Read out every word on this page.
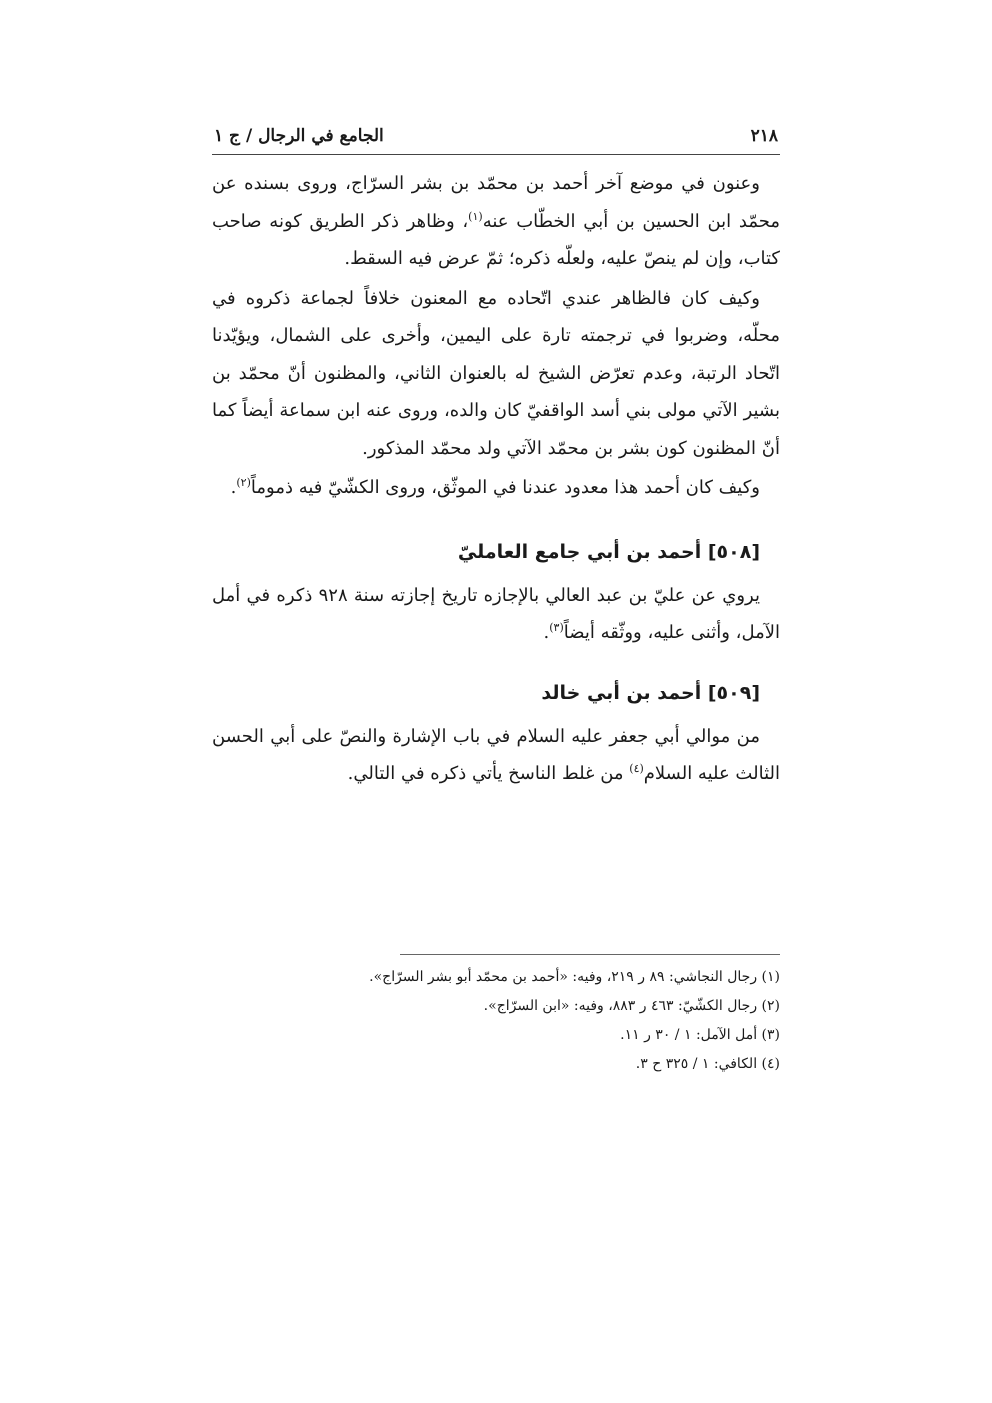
٢١٨
الجامع في الرجال / ج ١

وعنون في موضع آخر أحمد بن محمّد بن بشر السرّاج، وروى بسنده عن محمّد ابن الحسين بن أبي الخطّاب عنه$^{(١)}$، وظاهر ذكر الطريق كونه صاحب كتاب، وإن لم ينصّ عليه، ولعلّه ذكره؛ ثمّ عرض فيه السقط.

وكيف كان فالظاهر عندي اتّحاده مع المعنون خلافاً لجماعة ذكروه في محلّه، وضربوا في ترجمته تارة على اليمين، وأخرى على الشمال، ويؤيّدنا اتّحاد الرتبة، وعدم تعرّض الشيخ له بالعنوان الثاني، والمظنون أنّ محمّد بن بشير الآتي مولى بني أسد الواقفيّ كان والده، وروى عنه ابن سماعة أيضاً كما أنّ المظنون كون بشر بن محمّد الآتي ولد محمّد المذكور.

وكيف كان أحمد هذا معدود عندنا في الموثّق، وروى الكشّيّ فيه ذموماً$^{(٢)}$.

[٥٠٨] أحمد بن أبي جامع العامليّ

يروي عن عليّ بن عبد العالي بالإجازه تاريخ إجازته سنة ٩٢٨ ذكره في أمل الآمل، وأثنى عليه، ووثّقه أيضاً$^{(٣)}$.

[٥٠٩] أحمد بن أبي خالد

من موالي أبي جعفر عليه السلام في باب الإشارة والنصّ على أبي الحسن الثالث عليه السلام$^{(٤)}$ من غلط الناسخ يأتي ذكره في التالي.

(١) رجال النجاشي: ٨٩ ر ٢١٩، وفيه: «أحمد بن محمّد أبو بشر السرّاج».

(٢) رجال الكشّيّ: ٤٦٣ ر ٨٨٣، وفيه: «ابن السرّاج».

(٣) أمل الآمل: ١ / ٣٠ ر ١١.

(٤) الكافي: ١ / ٣٢٥ ح ٣.
